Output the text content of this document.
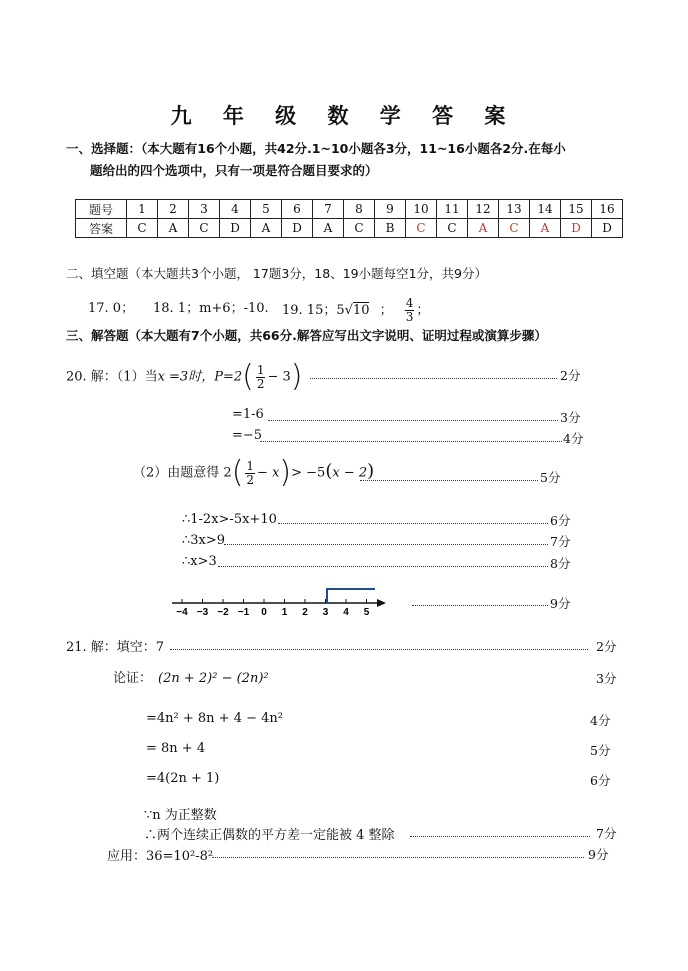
九 年 级 数 学 答 案
一、选择题：（本大题有16个小题，共42分.1~10小题各3分，11~16小题各2分.在每小
题给出的四个选项中，只有一项是符合题目要求的）
题号	1	2	3	4	5	6	7	8	9	10	11	12	13	14	15	16
答案	C	A	C	D	A	D	A	C	B	C	C	A	C	A	D	D
二、填空题（本大题共3个小题， 17题3分，18、19小题每空1分，共9分）
17. 0； 18. 1；m+6；-10. 19. 15；5√10 ； $\frac{4}{3}$ ；
三、解答题（本大题有7个小题，共66分.解答应写出文字说明、证明过程或演算步骤）
20. 解：（1）当x =3时，$P=2( \frac{1}{2} - 3)$	2分
=1-6	3分
=−5	4分
（2）由题意得 $2( \frac{1}{2} - x)> -5(x - 2)$	5分
∴1-2x>-5x+10	6分
∴3x>9	7分
∴x>3	8分
−4 −3 −2 −1 0 1 2 3 4 5
9分
21. 解：填空：7	2分
论证： (2n + 2)² − (2n)²	3分
=4n² + 8n + 4 − 4n²	4分
= 8n + 4	5分
=4(2n + 1)	6分
∵n 为正整数
∴两个连续正偶数的平方差一定能被 4 整除	7分
应用：36=10²-8²	9分
